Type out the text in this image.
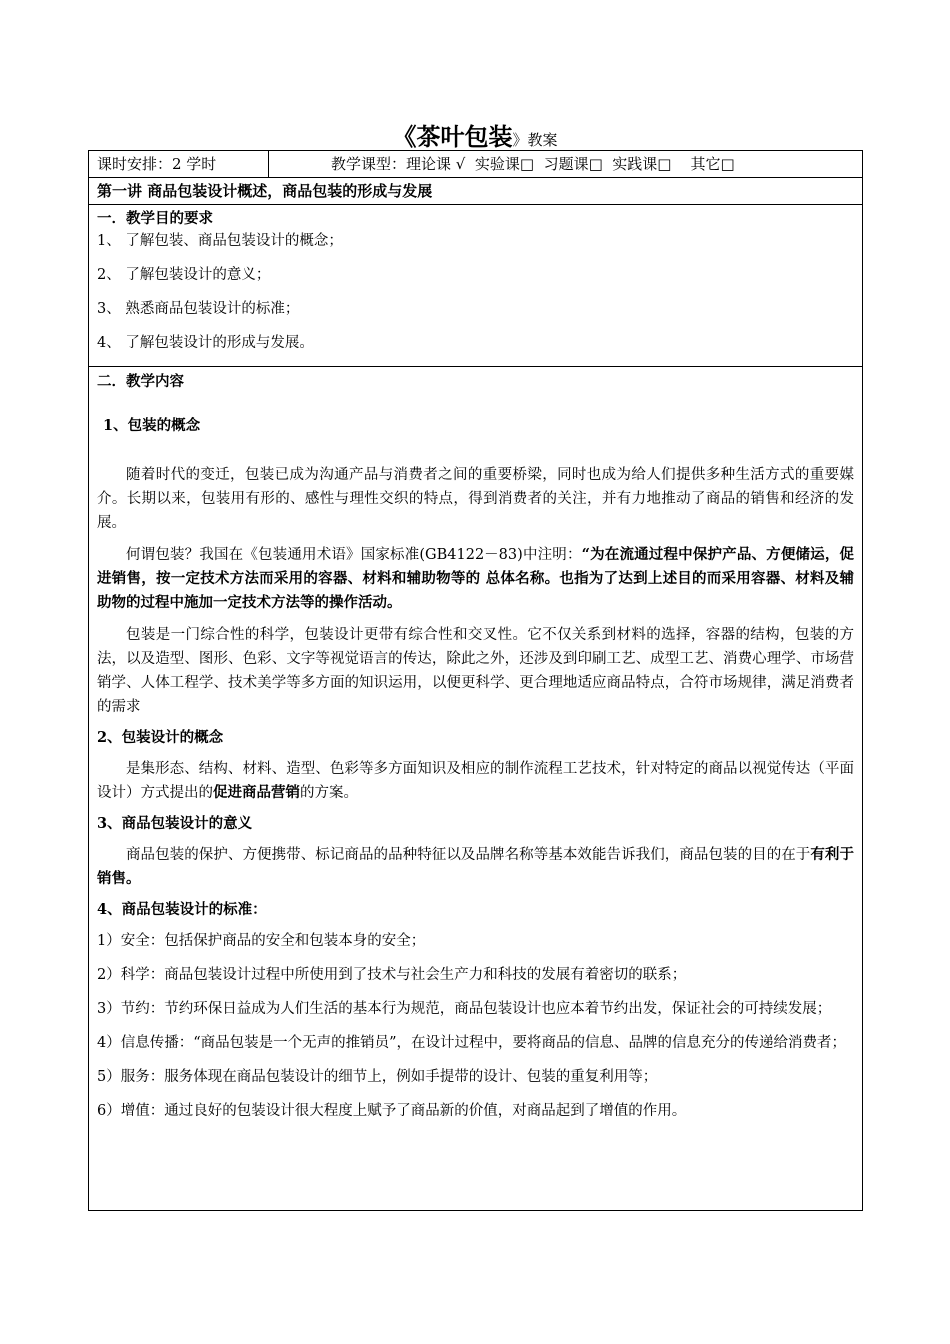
《茶叶包装》教案
课时安排：2 学时	教学课型：理论课 √  实验课□  习题课□  实践课□    其它□
第一讲 商品包装设计概述，商品包装的形成与发展
一．教学目的要求
1、 了解包装、商品包装设计的概念；
2、 了解包装设计的意义；
3、 熟悉商品包装设计的标准；
4、 了解包装设计的形成与发展。
二．教学内容
1、包装的概念
随着时代的变迁，包装已成为沟通产品与消费者之间的重要桥梁，同时也成为给人们提供多种生活方式的重要媒介。长期以来，包装用有形的、感性与理性交织的特点，得到消费者的关注，并有力地推动了商品的销售和经济的发展。
何谓包装？我国在《包装通用术语》国家标准(GB4122－83)中注明：“为在流通过程中保护产品、方便储运，促进销售，按一定技术方法而采用的容器、材料和辅助物等的 总体名称。也指为了达到上述目的而采用容器、材料及辅助物的过程中施加一定技术方法等的操作活动。
包装是一门综合性的科学，包装设计更带有综合性和交叉性。它不仅关系到材料的选择，容器的结构，包装的方法，以及造型、图形、色彩、文字等视觉语言的传达，除此之外，还涉及到印刷工艺、成型工艺、消费心理学、市场营销学、人体工程学、技术美学等多方面的知识运用，以便更科学、更合理地适应商品特点，合符市场规律，满足消费者的需求
2、包装设计的概念
是集形态、结构、材料、造型、色彩等多方面知识及相应的制作流程工艺技术，针对特定的商品以视觉传达（平面设计）方式提出的促进商品营销的方案。
3、商品包装设计的意义
商品包装的保护、方便携带、标记商品的品种特征以及品牌名称等基本效能告诉我们，商品包装的目的在于有利于销售。
4、商品包装设计的标准：
1）安全：包括保护商品的安全和包装本身的安全；
2）科学：商品包装设计过程中所使用到了技术与社会生产力和科技的发展有着密切的联系；
3）节约：节约环保日益成为人们生活的基本行为规范，商品包装设计也应本着节约出发，保证社会的可持续发展；
4）信息传播：“商品包装是一个无声的推销员”，在设计过程中，要将商品的信息、品牌的信息充分的传递给消费者；
5）服务：服务体现在商品包装设计的细节上，例如手提带的设计、包装的重复利用等；
6）增值：通过良好的包装设计很大程度上赋予了商品新的价值，对商品起到了增值的作用。
